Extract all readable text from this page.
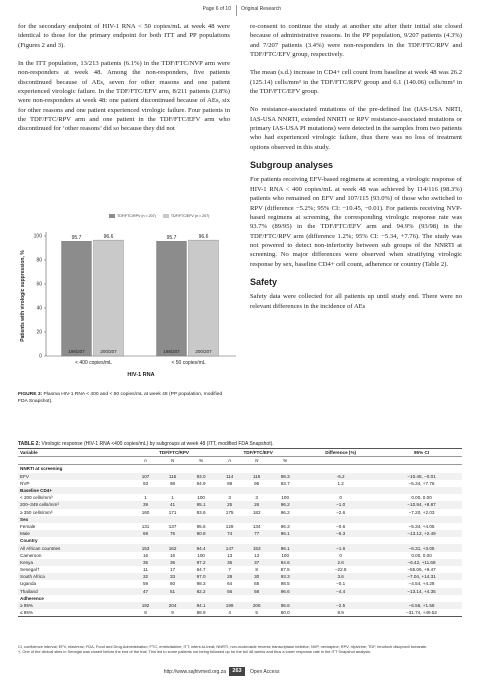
Page 6 of 10 Original Research

for the secondary endpoint of HIV-1 RNA < 50 copies/mL at week 48 were identical to those for the primary endpoint for both ITT and PP populations (Figures 2 and 3).

In the ITT population, 13/213 patients (6.1%) in the TDF/FTC/NVP arm were non-responders at week 48. Among the non-responders, five patients discontinued because of AEs, seven for other reasons and one patient experienced virologic failure. In the TDF/FTC/EFV arm, 8/211 patients (3.8%) were non-responders at week 48: one patient discontinued because of AEs, six for other reasons and one patient experienced virologic failure. Four patients in the TDF/FTC/RPV arm and one patient in the TDF/FTC/EFV arm who discontinued for ‘other reasons’ did so because they did not

re-consent to continue the study at another site after their initial site closed because of administrative reasons. In the PP population, 9/207 patients (4.3%) and 7/207 patients (3.4%) were non-responders in the TDF/FTC/RPV and TDF/FTC/EFV group, respectively.

The mean (s.d.) increase in CD4+ cell count from baseline at week 48 was 26.2 (125.14) cells/mm³ in the TDF/FTC/RPV group and 6.1 (140.06) cells/mm³ in the TDF/FTC/EFV group.

No resistance-associated mutations of the pre-defined list (IAS-USA NRTI, IAS-USA NNRTI, extended NNRTI or RPV resistance-associated mutations or primary IAS-USA PI mutations) were detected in the samples from two patients who had experienced virologic failure, thus there was no loss of treatment options observed in this study.

Subgroup analyses

For patients receiving EFV-based regimens at screening, a virologic response of HIV-1 RNA < 400 copies/mL at week 48 was achieved by 114/116 (98.3%) patients who remained on EFV and 107/115 (93.0%) of those who switched to RPV (difference −5.2%; 95% CI: −10.45, −0.01). For patients receiving NVP-based regimens at screening, the corresponding virologic response rate was 93.7% (89/95) in the TDF/FTC/EFV arm and 94.9% (93/98) in the TDF/FTC/RPV arm (difference 1.2%; 95% CI: −5.34, +7.76). The study was not powered to detect non-inferiority between sub groups of the NNRTI at screening. No major differences were observed when stratifying virologic response by sex, baseline CD4+ cell count, adherence or country (Table 2).

Safety

Safety data were collected for all patients up until study end. There were no relevant differences in the incidence of AEs

TDF/FTC/RPV (n = 207)	TDF/FTC/EFV (n = 207)
0
20
40
60
80
100	95.7
198/207
96.6
200/207
< 400 copies/mL
95.7
198/207
96.6
200/207
< 50 copies/mL
HIV-1 RNA
Patients with virologic suppression, %
FIGURE 3: Plasma HIV-1 RNA < 400 and < 50 copies/mL at week 48 (PP population, modified FDA Snapshot).
TABLE 2: Virologic response (HIV-1 RNA <400 copies/mL) by subgroups at week 48 (ITT, modified FDA Snapshot).
Variable	TDF/FTC/RPV			TDF/FTC/EFV			Difference (%)	95% CI
	n	N	%	n	N	%		
NNRTI at screening								
EFV	107	115	93.0	114	116	98.3	-5.2	−10.45, −0.01
NVP	93	98	94.9	89	95	93.7	1.2	−5.34, +7.76
Baseline CD4+								
< 200 cells/mm³	1	1	100	3	3	100	0	0.00, 0.00
200–349 cells/mm³	39	41	95.1	25	26	96.2	−1.0	−10.94, +8.87
≥ 350 cells/mm³	160	171	93.6	175	182	96.2	−2.6	−7.20, +2.03
Sex								
Female	131	137	95.6	129	134	96.3	−0.6	−5.34, +4.05
Male	69	76	90.8	74	77	96.1	−5.3	−13.12, +2.49
Country								
All African countries	153	162	94.4	147	153	96.1	−1.6	−6.31, +3.05
Cameroon	16	16	100	13	13	100	0	0.00, 0.00
Kenya	35	36	97.2	35	37	94.6	2.6	−6.42, +11.68
Senegal†	11	17	64.7	7	8	87.5	−22.8	−55.06, +9.47
South Africa	32	33	97.0	28	30	93.3	3.6	−7.04, +14.31
Uganda	59	60	98.3	64	65	98.5	−0.1	−4.54, +4.28
Thailand	47	51	92.2	56	58	96.6	−4.4	−13.14, +4.35
Adherence								
≥ 95%	192	204	94.1	199	206	96.6	−2.5	−6.55, +1.58
≤ 95%	8	9	88.9	4	5	80.0	8.9	−31.74, +49.52
CI, confidence interval; EFV, efavirenz; FDA, Food and Drug Administration; FTC, emtricitabine; ITT, intent-to-treat; NNRTI, non-nucleoside reverse transcriptase inhibitor; NVP, nevirapine; RPV, rilpivirine; TDF, tenofovir disoproxil fumarate.
†, One of the clinical sites in Senegal was closed before the end of the trial. This led to some patients not being followed up for the full 48 weeks and thus a lower response rate in the ITT Snapshot analysis.
http://www.sajhivmed.org.za	263	Open Access
